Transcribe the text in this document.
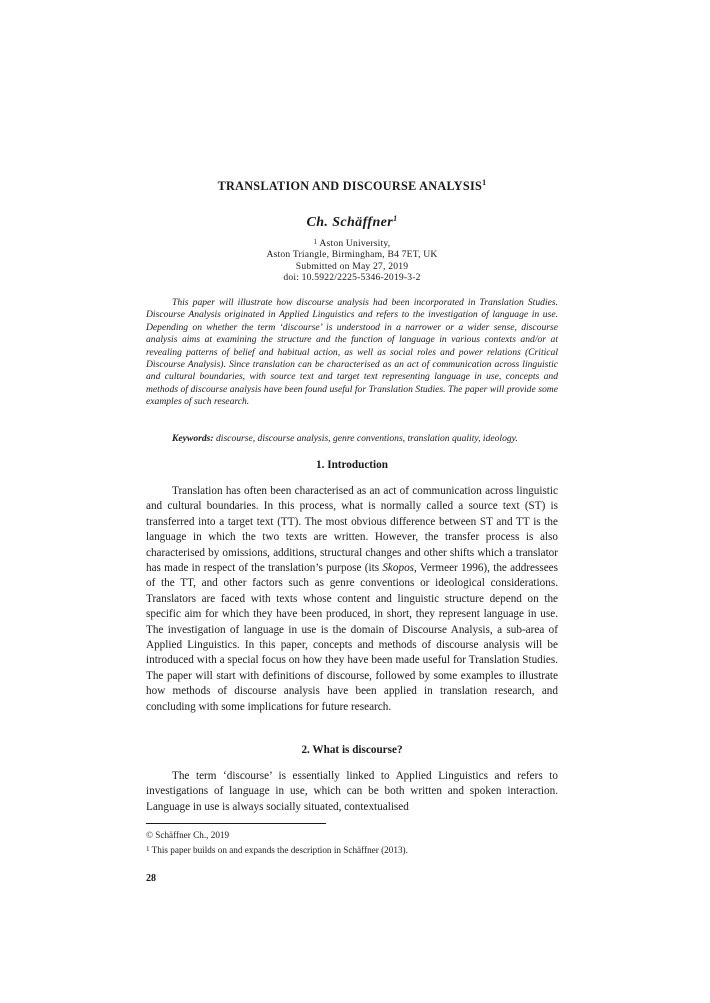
TRANSLATION AND DISCOURSE ANALYSIS$^1$

Ch. Schäffner$^1$

$^1$ Aston University,
Aston Triangle, Birmingham, B4 7ET, UK
Submitted on May 27, 2019
doi: 10.5922/2225-5346-2019-3-2

This paper will illustrate how discourse analysis had been incorporated in Translation Studies. Discourse Analysis originated in Applied Linguistics and refers to the investigation of language in use. Depending on whether the term ‘discourse’ is understood in a narrower or a wider sense, discourse analysis aims at examining the structure and the function of language in various contexts and/or at revealing patterns of belief and habitual action, as well as social roles and power relations (Critical Discourse Analysis). Since translation can be characterised as an act of communication across linguistic and cultural boundaries, with source text and target text representing language in use, concepts and methods of discourse analysis have been found useful for Translation Studies. The paper will provide some examples of such research.

Keywords: discourse, discourse analysis, genre conventions, translation quality, ideology.

1. Introduction

Translation has often been characterised as an act of communication across linguistic and cultural boundaries. In this process, what is normally called a source text (ST) is transferred into a target text (TT). The most obvious difference between ST and TT is the language in which the two texts are written. However, the transfer process is also characterised by omissions, additions, structural changes and other shifts which a translator has made in respect of the translation’s purpose (its Skopos, Vermeer 1996), the addressees of the TT, and other factors such as genre conventions or ideological considerations. Translators are faced with texts whose content and linguistic structure depend on the specific aim for which they have been produced, in short, they represent language in use. The investigation of language in use is the domain of Discourse Analysis, a sub-area of Applied Linguistics. In this paper, concepts and methods of discourse analysis will be introduced with a special focus on how they have been made useful for Translation Studies. The paper will start with definitions of discourse, followed by some examples to illustrate how methods of discourse analysis have been applied in translation research, and concluding with some implications for future research.

2. What is discourse?

The term ‘discourse’ is essentially linked to Applied Linguistics and refers to investigations of language in use, which can be both written and spoken interaction. Language in use is always socially situated, contextualised

© Schäffner Ch., 2019

$^1$ This paper builds on and expands the description in Schäffner (2013).

28
